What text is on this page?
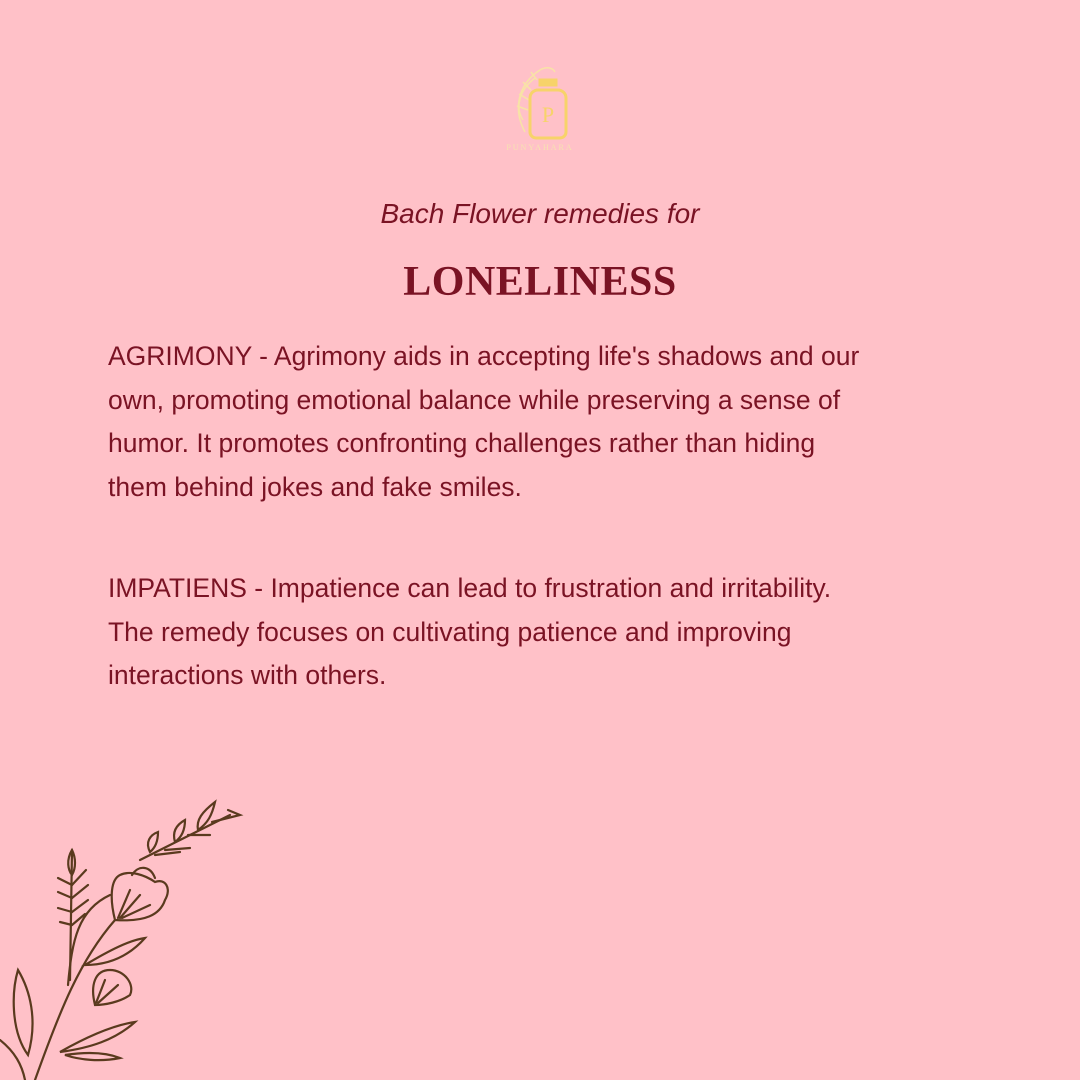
P
PUNYAHARA
Bach Flower remedies for
LONELINESS
AGRIMONY - Agrimony aids in accepting life's shadows and our
own, promoting emotional balance while preserving a sense of
humor. It promotes confronting challenges rather than hiding
them behind jokes and fake smiles.
IMPATIENS - Impatience can lead to frustration and irritability.
The remedy focuses on cultivating patience and improving
interactions with others.
